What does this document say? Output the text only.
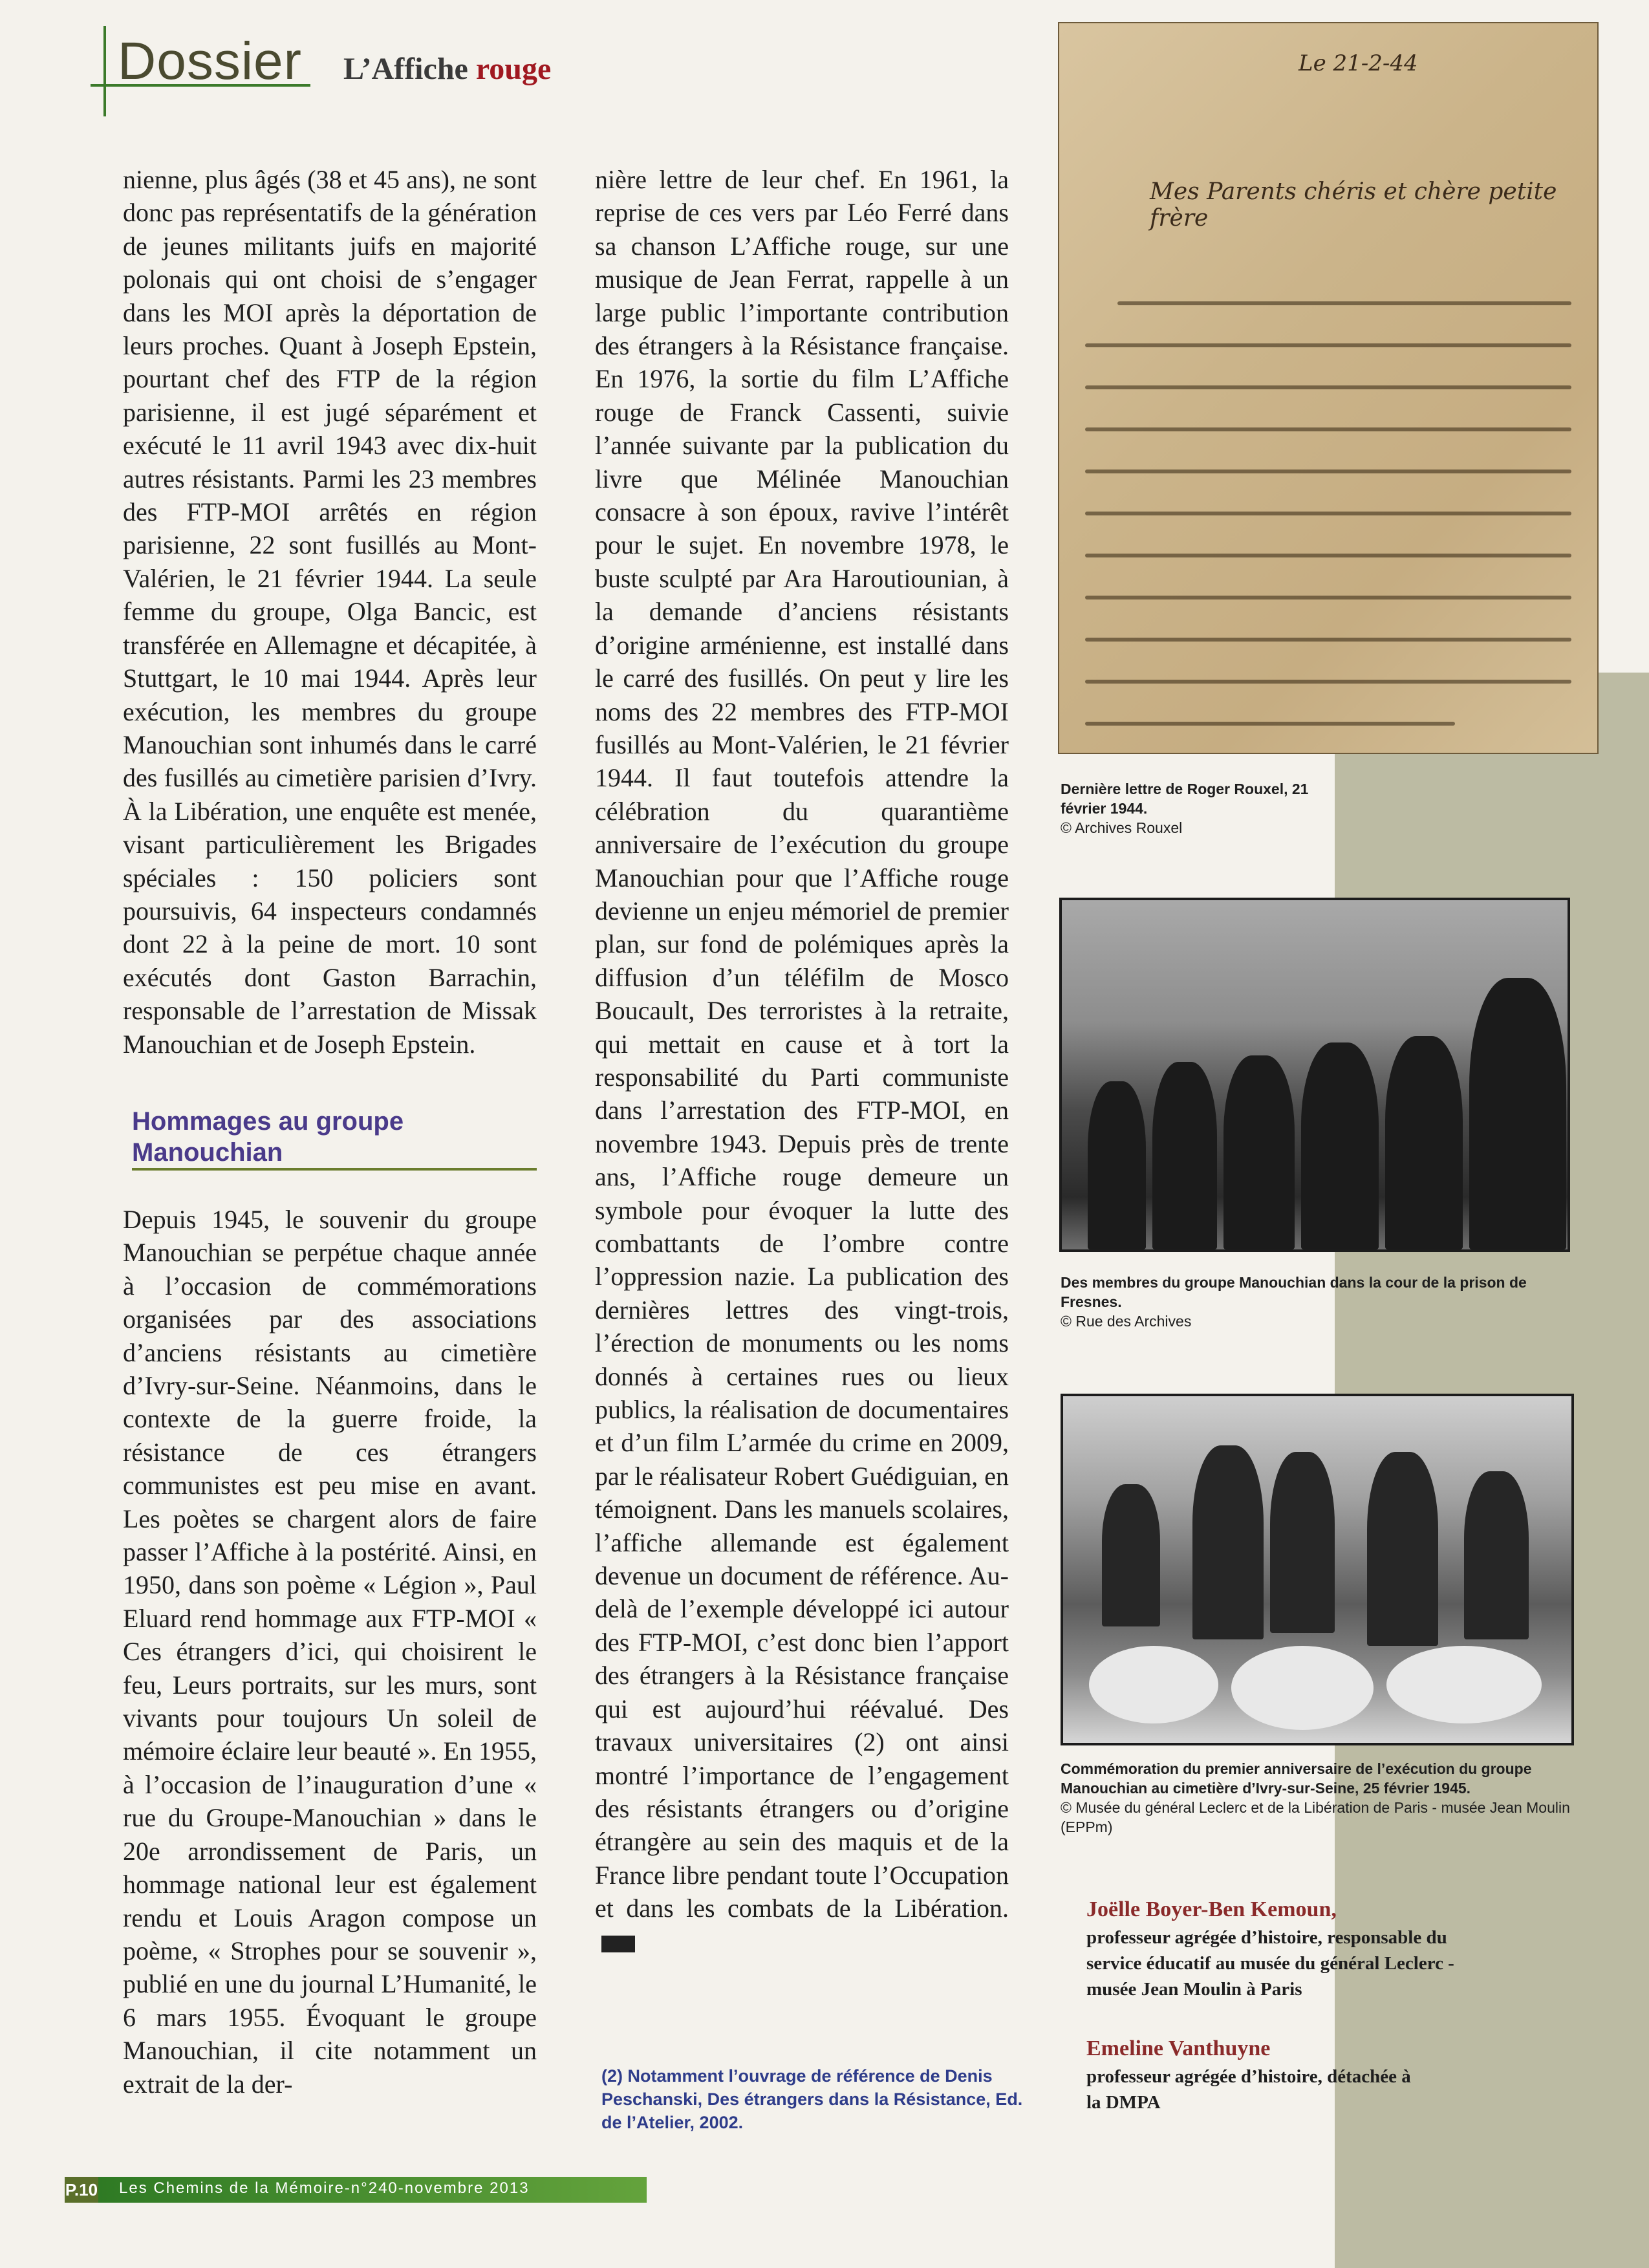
Dossier L’Affiche rouge

nienne, plus âgés (38 et 45 ans), ne sont donc pas représentatifs de la génération de jeunes militants juifs en majorité polonais qui ont choisi de s’engager dans les MOI après la déportation de leurs proches. Quant à Joseph Epstein, pourtant chef des FTP de la région parisienne, il est jugé séparément et exécuté le 11 avril 1943 avec dix-huit autres résistants. Parmi les 23 membres des FTP-MOI arrêtés en région parisienne, 22 sont fusillés au Mont-Valérien, le 21 février 1944. La seule femme du groupe, Olga Bancic, est transférée en Allemagne et décapitée, à Stuttgart, le 10 mai 1944. Après leur exécution, les membres du groupe Manouchian sont inhumés dans le carré des fusillés au cimetière parisien d’Ivry. À la Libération, une enquête est menée, visant particulièrement les Brigades spéciales : 150 policiers sont poursuivis, 64 inspecteurs condamnés dont 22 à la peine de mort. 10 sont exécutés dont Gaston Barrachin, responsable de l’arrestation de Missak Manouchian et de Joseph Epstein.

Hommages au groupe Manouchian

Depuis 1945, le souvenir du groupe Manouchian se perpétue chaque année à l’occasion de commémorations organisées par des associations d’anciens résistants au cimetière d’Ivry-sur-Seine. Néanmoins, dans le contexte de la guerre froide, la résistance de ces étrangers communistes est peu mise en avant. Les poètes se chargent alors de faire passer l’Affiche à la postérité. Ainsi, en 1950, dans son poème « Légion », Paul Eluard rend hommage aux FTP-MOI « Ces étrangers d’ici, qui choisirent le feu, Leurs portraits, sur les murs, sont vivants pour toujours Un soleil de mémoire éclaire leur beauté ». En 1955, à l’occasion de l’inauguration d’une « rue du Groupe-Manouchian » dans le 20e arrondissement de Paris, un hommage national leur est également rendu et Louis Aragon compose un poème, « Strophes pour se souvenir », publié en une du journal L’Humanité, le 6 mars 1955. Évoquant le groupe Manouchian, il cite notamment un extrait de la der-

nière lettre de leur chef. En 1961, la reprise de ces vers par Léo Ferré dans sa chanson L’Affiche rouge, sur une musique de Jean Ferrat, rappelle à un large public l’importante contribution des étrangers à la Résistance française. En 1976, la sortie du film L’Affiche rouge de Franck Cassenti, suivie l’année suivante par la publication du livre que Mélinée Manouchian consacre à son époux, ravive l’intérêt pour le sujet. En novembre 1978, le buste sculpté par Ara Haroutiounian, à la demande d’anciens résistants d’origine arménienne, est installé dans le carré des fusillés. On peut y lire les noms des 22 membres des FTP-MOI fusillés au Mont-Valérien, le 21 février 1944. Il faut toutefois attendre la célébration du quarantième anniversaire de l’exécution du groupe Manouchian pour que l’Affiche rouge devienne un enjeu mémoriel de premier plan, sur fond de polémiques après la diffusion d’un téléfilm de Mosco Boucault, Des terroristes à la retraite, qui mettait en cause et à tort la responsabilité du Parti communiste dans l’arrestation des FTP-MOI, en novembre 1943. Depuis près de trente ans, l’Affiche rouge demeure un symbole pour évoquer la lutte des combattants de l’ombre contre l’oppression nazie. La publication des dernières lettres des vingt-trois, l’érection de monuments ou les noms donnés à certaines rues ou lieux publics, la réalisation de documentaires et d’un film L’armée du crime en 2009, par le réalisateur Robert Guédiguian, en témoignent. Dans les manuels scolaires, l’affiche allemande est également devenue un document de référence. Au-delà de l’exemple développé ici autour des FTP-MOI, c’est donc bien l’apport des étrangers à la Résistance française qui est aujourd’hui réévalué. Des travaux universitaires (2) ont ainsi montré l’importance de l’engagement des résistants étrangers ou d’origine étrangère au sein des maquis et de la France libre pendant toute l’Occupation et dans les combats de la Libération.

(2) Notamment l’ouvrage de référence de Denis Peschanski, Des étrangers dans la Résistance, Ed. de l’Atelier, 2002.
Le 21-2-44
Mes Parents chéris et chère petite frère
Dernière lettre de Roger Rouxel, 21 février 1944.
© Archives Rouxel
Des membres du groupe Manouchian dans la cour de la prison de Fresnes.
© Rue des Archives
Commémoration du premier anniversaire de l’exécution du groupe Manouchian au cimetière d’Ivry-sur-Seine, 25 février 1945.
© Musée du général Leclerc et de la Libération de Paris - musée Jean Moulin (EPPm)
Joëlle Boyer-Ben Kemoun,
professeur agrégée d’histoire, responsable du service éducatif au musée du général Leclerc - musée Jean Moulin à Paris
Emeline Vanthuyne
professeur agrégée d’histoire, détachée à la DMPA
P.10 Les Chemins de la Mémoire-n°240-novembre 2013
